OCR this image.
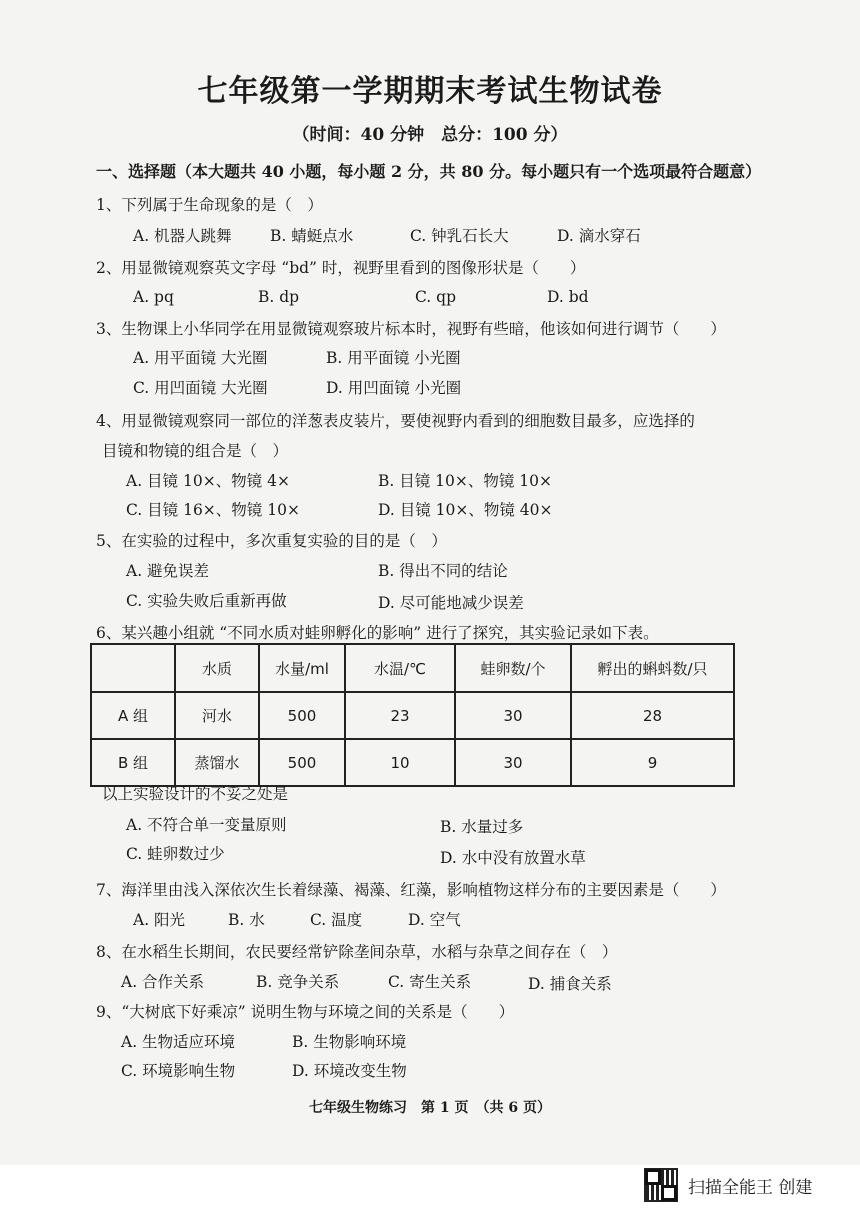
七年级第一学期期末考试生物试卷
（时间：40 分钟　总分：100 分）
一、选择题（本大题共 40 小题，每小题 2 分，共 80 分。每小题只有一个选项最符合题意）
1、下列属于生命现象的是（　）
A. 机器人跳舞 B. 蜻蜓点水	C. 钟乳石长大	D. 滴水穿石
2、用显微镜观察英文字母 “bd” 时，视野里看到的图像形状是（　　）
A. pq	B. dp	C. qp	D. bd
3、生物课上小华同学在用显微镜观察玻片标本时，视野有些暗，他该如何进行调节（　　）
A. 用平面镜 大光圈	B. 用平面镜 小光圈
C. 用凹面镜 大光圈	D. 用凹面镜 小光圈
4、用显微镜观察同一部位的洋葱表皮装片，要使视野内看到的细胞数目最多，应选择的
目镜和物镜的组合是（　）
A. 目镜 10×、物镜 4×	B. 目镜 10×、物镜 10×
C. 目镜 16×、物镜 10×	D. 目镜 10×、物镜 40×
5、在实验的过程中，多次重复实验的目的是（　）
A. 避免误差	B. 得出不同的结论
C. 实验失败后重新再做	D. 尽可能地减少误差
6、某兴趣小组就 “不同水质对蛙卵孵化的影响” 进行了探究，其实验记录如下表。
	水质	水量/ml	水温/℃	蛙卵数/个	孵出的蝌蚪数/只
A 组	河水	500	23	30	28
B 组	蒸馏水	500	10	30	9
以上实验设计的不妥之处是
A. 不符合单一变量原则	B. 水量过多
C. 蛙卵数过少	D. 水中没有放置水草
7、海洋里由浅入深依次生长着绿藻、褐藻、红藻，影响植物这样分布的主要因素是（　　）
A. 阳光	B. 水	C. 温度	D. 空气
8、在水稻生长期间，农民要经常铲除垄间杂草，水稻与杂草之间存在（　）
A. 合作关系	B. 竞争关系	C. 寄生关系	D. 捕食关系
9、“大树底下好乘凉” 说明生物与环境之间的关系是（　　）
A. 生物适应环境	B. 生物影响环境
C. 环境影响生物	D. 环境改变生物
七年级生物练习　第 1 页　（共 6 页）
扫描全能王 创建
